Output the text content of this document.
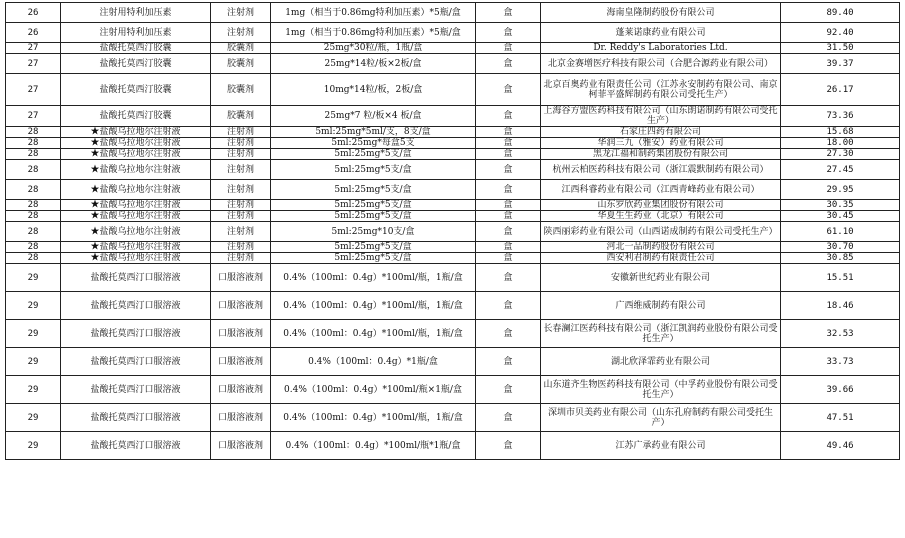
26	注射用特利加压素	注射剂	1mg（相当于0.86mg特利加压素）*5瓶/盒	盒	海南皇隆制药股份有限公司	89.40
26	注射用特利加压素	注射剂	1mg（相当于0.86mg特利加压素）*5瓶/盒	盒	蓬莱诺康药业有限公司	92.40
27	盐酸托莫西汀胶囊	胶囊剂	25mg*30粒/瓶，1瓶/盒	盒	Dr. Reddy's Laboratories Ltd.	31.50
27	盐酸托莫西汀胶囊	胶囊剂	25mg*14粒/板×2板/盒	盒	北京金赛增医疗科技有限公司（合肥合源药业有限公司）	39.37
27	盐酸托莫西汀胶囊	胶囊剂	10mg*14粒/板，2板/盒	盒	北京百奥药业有限责任公司（江苏永安制药有限公司、南京柯菲平盛辉制药有限公司受托生产）	26.17
27	盐酸托莫西汀胶囊	胶囊剂	25mg*7 粒/板×4 板/盒	盒	上海谷方盟医药科技有限公司（山东朗诺制药有限公司受托生产）	73.36
28	★盐酸乌拉地尔注射液	注射剂	5ml:25mg*5ml/支，8支/盒	盒	石家庄四药有限公司	15.68
28	★盐酸乌拉地尔注射液	注射剂	5ml:25mg*每盒5支	盒	华润三九（雅安）药业有限公司	18.00
28	★盐酸乌拉地尔注射液	注射剂	5ml:25mg*5支/盒	盒	黑龙江福和制药集团股份有限公司	27.30
28	★盐酸乌拉地尔注射液	注射剂	5ml:25mg*5支/盒	盒	杭州云柏医药科技有限公司（浙江震默制药有限公司）	27.45
28	★盐酸乌拉地尔注射液	注射剂	5ml:25mg*5支/盒	盒	江西科睿药业有限公司（江西青峰药业有限公司）	29.95
28	★盐酸乌拉地尔注射液	注射剂	5ml:25mg*5支/盒	盒	山东罗欣药业集团股份有限公司	30.35
28	★盐酸乌拉地尔注射液	注射剂	5ml:25mg*5支/盒	盒	华夏生生药业（北京）有限公司	30.45
28	★盐酸乌拉地尔注射液	注射剂	5ml:25mg*10支/盒	盒	陕西丽彩药业有限公司（山西诺成制药有限公司受托生产）	61.10
28	★盐酸乌拉地尔注射液	注射剂	5ml:25mg*5支/盒	盒	河北一品制药股份有限公司	30.70
28	★盐酸乌拉地尔注射液	注射剂	5ml:25mg*5支/盒	盒	西安利君制药有限责任公司	30.85
29	盐酸托莫西汀口服溶液	口服溶液剂	0.4%（100ml：0.4g）*100ml/瓶，1瓶/盒	盒	安徽新世纪药业有限公司	15.51
29	盐酸托莫西汀口服溶液	口服溶液剂	0.4%（100ml：0.4g）*100ml/瓶，1瓶/盒	盒	广西维威制药有限公司	18.46
29	盐酸托莫西汀口服溶液	口服溶液剂	0.4%（100ml：0.4g）*100ml/瓶，1瓶/盒	盒	长春澜江医药科技有限公司（浙江凯润药业股份有限公司受托生产）	32.53
29	盐酸托莫西汀口服溶液	口服溶液剂	0.4%（100ml：0.4g）*1瓶/盒	盒	湖北欣泽霏药业有限公司	33.73
29	盐酸托莫西汀口服溶液	口服溶液剂	0.4%（100ml：0.4g）*100ml/瓶×1瓶/盒	盒	山东道齐生物医药科技有限公司（中孚药业股份有限公司受托生产）	39.66
29	盐酸托莫西汀口服溶液	口服溶液剂	0.4%（100ml：0.4g）*100ml/瓶，1瓶/盒	盒	深圳市贝美药业有限公司（山东孔府制药有限公司受托生产）	47.51
29	盐酸托莫西汀口服溶液	口服溶液剂	0.4%（100ml：0.4g）*100ml/瓶*1瓶/盒	盒	江苏广承药业有限公司	49.46
